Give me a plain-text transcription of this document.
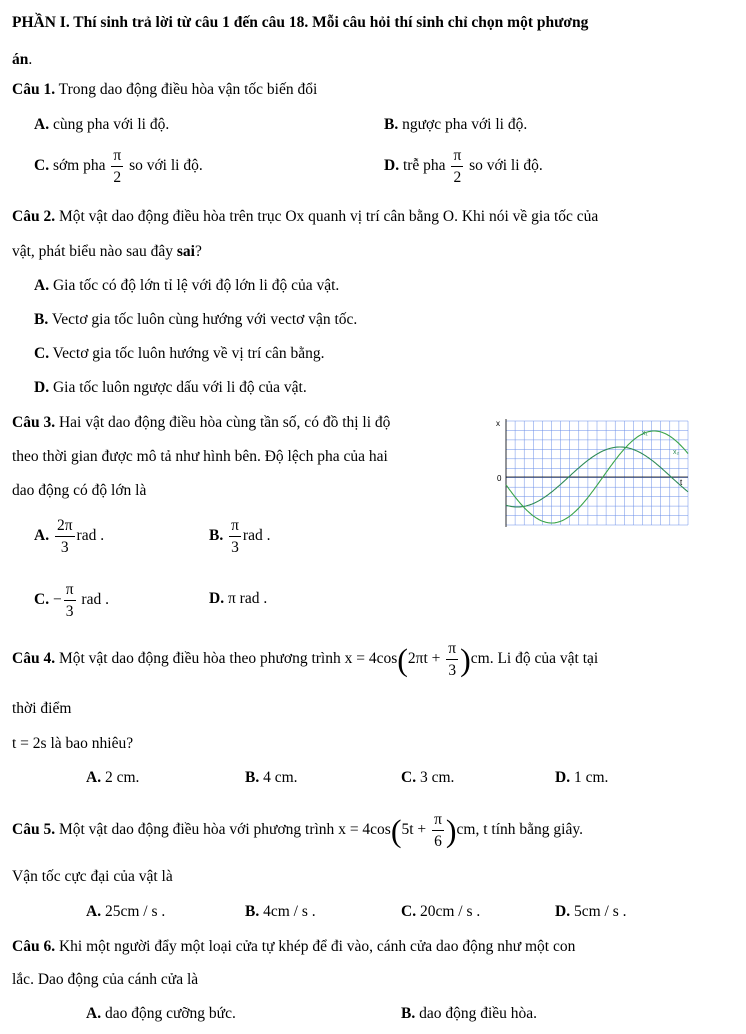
PHẦN I. Thí sinh trả lời từ câu 1 đến câu 18. Mỗi câu hỏi thí sinh chỉ chọn một phương
án.
Câu 1. Trong dao động điều hòa vận tốc biến đổi
A. cùng pha với li độ.	B. ngược pha với li độ.
C. sớm pha $\frac{\pi}{2}$ so với li độ.	D. trễ pha $\frac{\pi}{2}$ so với li độ.
Câu 2. Một vật dao động điều hòa trên trục Ox quanh vị trí cân bằng O. Khi nói về gia tốc của
vật, phát biểu nào sau đây sai?
A. Gia tốc có độ lớn tỉ lệ với độ lớn li độ của vật.
B. Vectơ gia tốc luôn cùng hướng với vectơ vận tốc.
C. Vectơ gia tốc luôn hướng về vị trí cân bằng.
D. Gia tốc luôn ngược dấu với li độ của vật.
Câu 3. Hai vật dao động điều hòa cùng tần số, có đồ thị li độ
theo thời gian được mô tả như hình bên. Độ lệch pha của hai
dao động có độ lớn là
x
0	t
x₁
x₂
A. $\frac{2\pi}{3}$ rad .	B. $\frac{\pi}{3}$ rad .
C. − $\frac{\pi}{3}$ rad .	D. π rad .
Câu 4. Một vật dao động điều hòa theo phương trình $x = 4\cos(2\pi t + \frac{\pi}{3} )cm$. Li độ của vật tại
thời điểm
t = 2s là bao nhiêu?
A. 2 cm.	B. 4 cm.	C. 3 cm.	D. 1 cm.
Câu 5. Một vật dao động điều hòa với phương trình $x = 4\cos(5t + \frac{\pi}{6} )cm$, t tính bằng giây.
Vận tốc cực đại của vật là
A. 25cm / s .	B. 4cm / s .	C. 20cm / s .	D. 5cm / s .
Câu 6. Khi một người đẩy một loại cửa tự khép để đi vào, cánh cửa dao động như một con
lắc. Dao động của cánh cửa là
A. dao động cưỡng bức.	B. dao động điều hòa.
